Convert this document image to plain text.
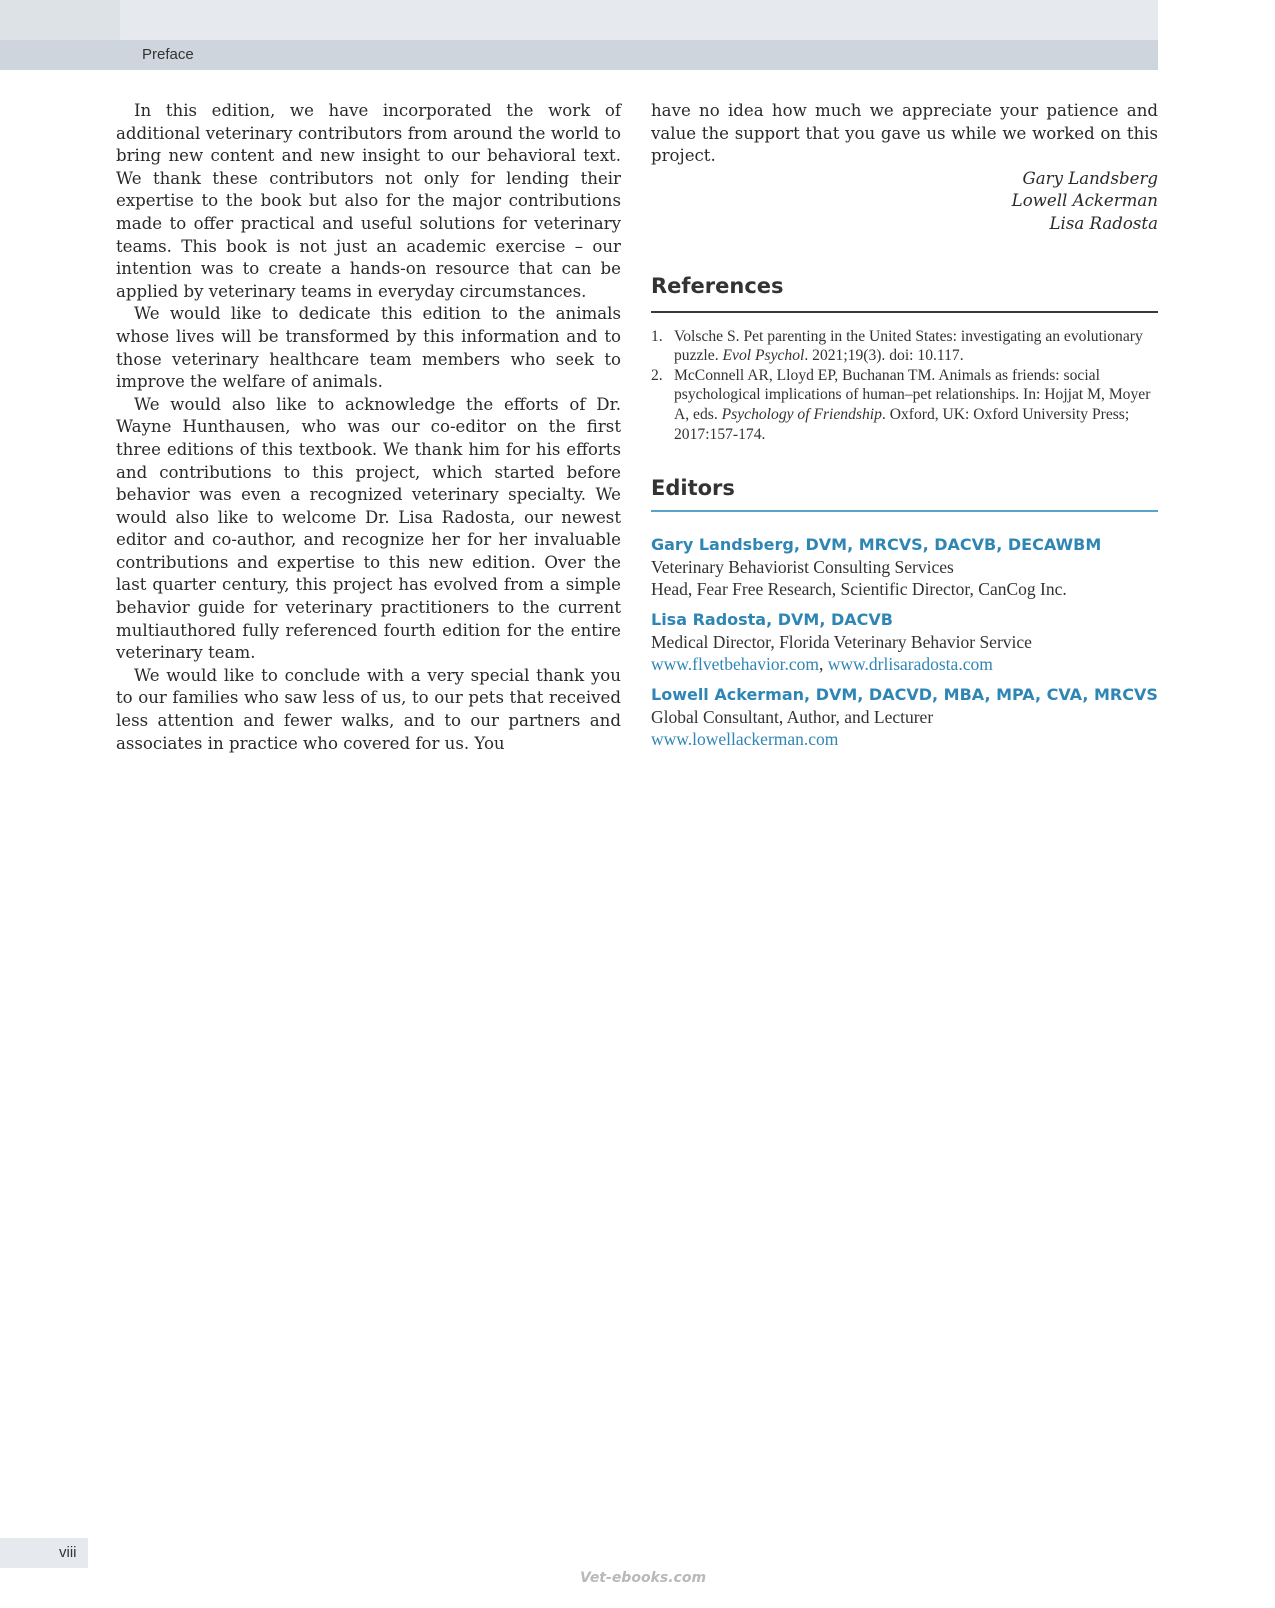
Preface

In this edition, we have incorporated the work of additional veterinary contributors from around the world to bring new content and new insight to our behavioral text. We thank these contributors not only for lending their expertise to the book but also for the major contributions made to offer practical and useful solutions for veterinary teams. This book is not just an academic exercise – our intention was to create a hands-on resource that can be applied by veterinary teams in everyday circumstances.

We would like to dedicate this edition to the animals whose lives will be transformed by this information and to those veterinary healthcare team members who seek to improve the welfare of animals.

We would also like to acknowledge the efforts of Dr. Wayne Hunthausen, who was our co-editor on the first three editions of this textbook. We thank him for his efforts and contributions to this project, which started before behavior was even a recognized veterinary specialty. We would also like to welcome Dr. Lisa Radosta, our newest editor and co-author, and recognize her for her invaluable contributions and expertise to this new edition. Over the last quarter century, this project has evolved from a simple behavior guide for veterinary practitioners to the current multiauthored fully referenced fourth edition for the entire veterinary team.

We would like to conclude with a very special thank you to our families who saw less of us, to our pets that received less attention and fewer walks, and to our partners and associates in practice who covered for us. You

have no idea how much we appreciate your patience and value the support that you gave us while we worked on this project.

Gary Landsberg
Lowell Ackerman
Lisa Radosta
References
1. Volsche S. Pet parenting in the United States: investigating an evolutionary puzzle. Evol Psychol. 2021;19(3). doi: 10.117.
2. McConnell AR, Lloyd EP, Buchanan TM. Animals as friends: social psychological implications of human–pet relationships. In: Hojjat M, Moyer A, eds. Psychology of Friendship. Oxford, UK: Oxford University Press; 2017:157-174.
Editors
Gary Landsberg, DVM, MRCVS, DACVB, DECAWBM
Veterinary Behaviorist Consulting Services
Head, Fear Free Research, Scientific Director, CanCog Inc.
Lisa Radosta, DVM, DACVB
Medical Director, Florida Veterinary Behavior Service
www.flvetbehavior.com, www.drlisaradosta.com
Lowell Ackerman, DVM, DACVD, MBA, MPA, CVA, MRCVS
Global Consultant, Author, and Lecturer
www.lowellackerman.com
viii
Vet-ebooks.com
